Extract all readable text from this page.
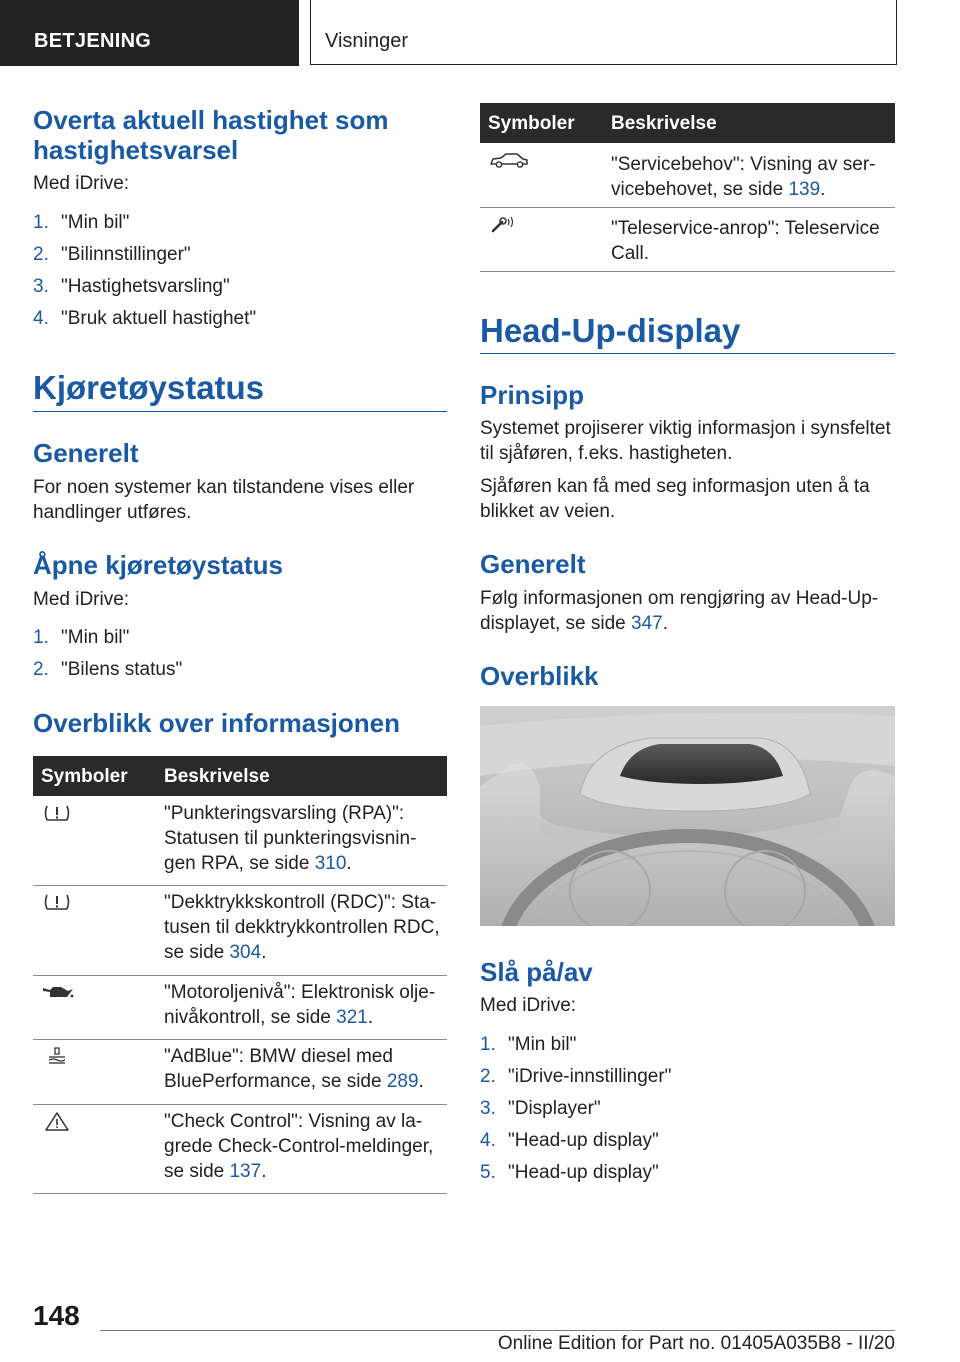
BETJENING	Visninger
Overta aktuell hastighet som hastighetsvarsel

Med iDrive:

1. "Min bil"
2. "Bilinnstillinger"
3. "Hastighetsvarsling"
4. "Bruk aktuell hastighet"
Kjøretøystatus
Generelt

For noen systemer kan tilstandene vises eller handlinger utføres.

Åpne kjøretøystatus

Med iDrive:

1. "Min bil"
2. "Bilens status"
Overblikk over informasjonen
Symboler Beskrivelse
"Punkteringsvarsling (RPA)": Statusen til punkteringsvisnin-gen RPA, se side 310.
"Dekktrykkskontroll (RDC)": Sta-tusen til dekktrykkontrollen RDC, se side 304.
"Motoroljenivå": Elektronisk olje-nivåkontroll, se side 321.
"AdBlue": BMW diesel med BluePerformance, se side 289.
"Check Control": Visning av la-grede Check-Control-meldinger, se side 137.
Symboler Beskrivelse
"Servicebehov": Visning av ser-vicebehovet, se side 139.
"Teleservice-anrop": Teleservice Call.
Head-Up-display
Prinsipp

Systemet projiserer viktig informasjon i synsfeltet til sjåføren, f.eks. hastigheten.

Sjåføren kan få med seg informasjon uten å ta blikket av veien.

Generelt

Følg informasjonen om rengjøring av Head-Up-displayet, se side 347.

Overblikk
Slå på/av

Med iDrive:

1. "Min bil"
2. "iDrive-innstillinger"
3. "Displayer"
4. "Head-up display"
5. "Head-up display"
148
Online Edition for Part no. 01405A035B8 - II/20
